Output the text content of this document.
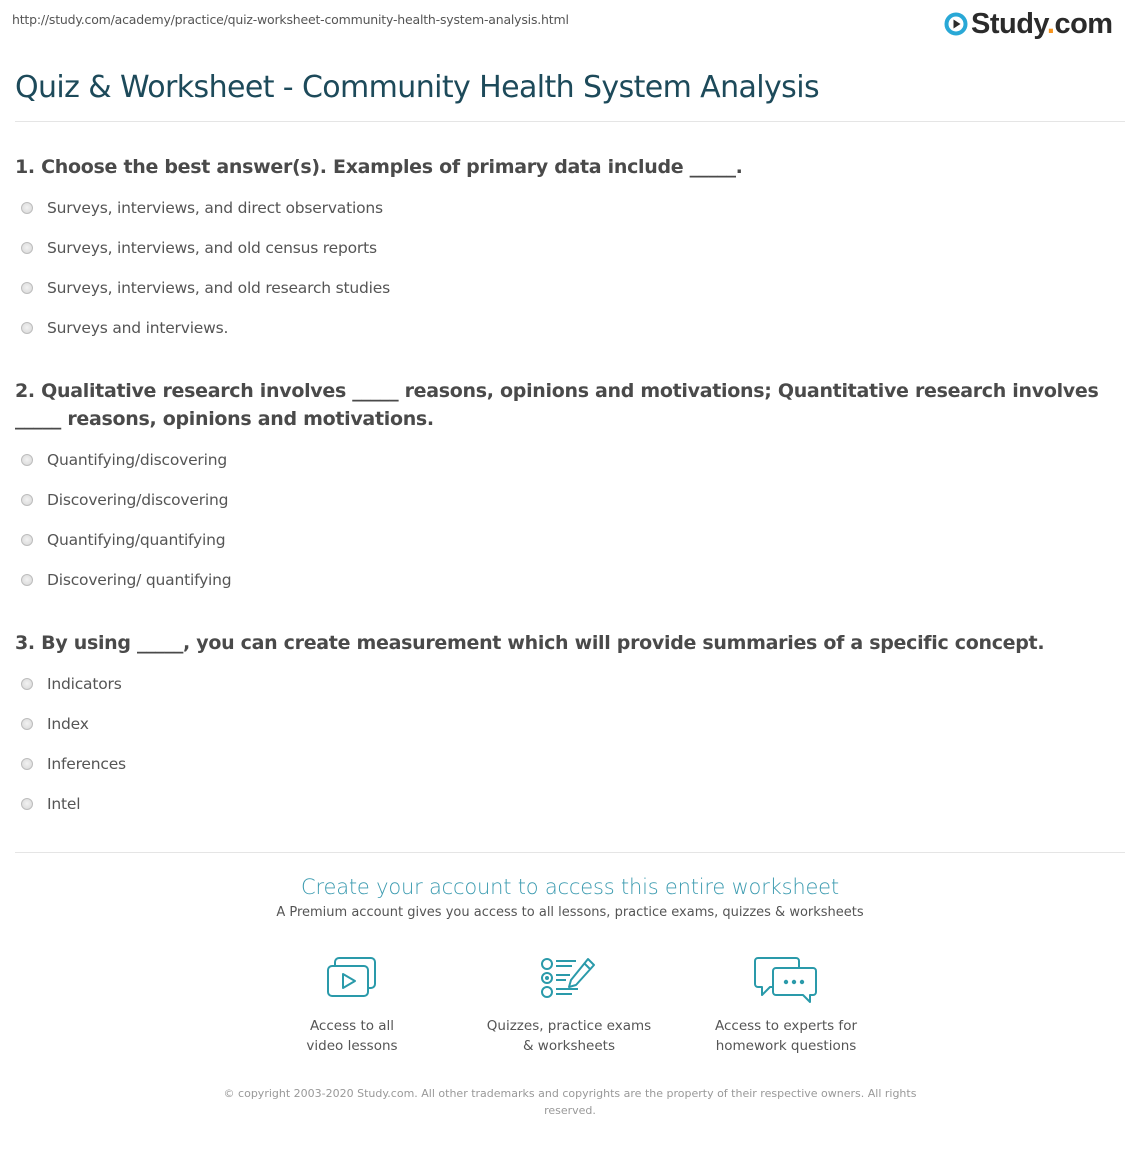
http://study.com/academy/practice/quiz-worksheet-community-health-system-analysis.html	Study.com
Quiz & Worksheet - Community Health System Analysis
1. Choose the best answer(s). Examples of primary data include _____.
Surveys, interviews, and direct observations
Surveys, interviews, and old census reports
Surveys, interviews, and old research studies
Surveys and interviews.
2. Qualitative research involves _____ reasons, opinions and motivations; Quantitative research involves _____ reasons, opinions and motivations.
Quantifying/discovering
Discovering/discovering
Quantifying/quantifying
Discovering/ quantifying
3. By using _____, you can create measurement which will provide summaries of a specific concept.
Indicators
Index
Inferences
Intel
Create your account to access this entire worksheet
A Premium account gives you access to all lessons, practice exams, quizzes & worksheets
Access to all
video lessons
Quizzes, practice exams
& worksheets
Access to experts for
homework questions
© copyright 2003-2020 Study.com. All other trademarks and copyrights are the property of their respective owners. All rights reserved.
